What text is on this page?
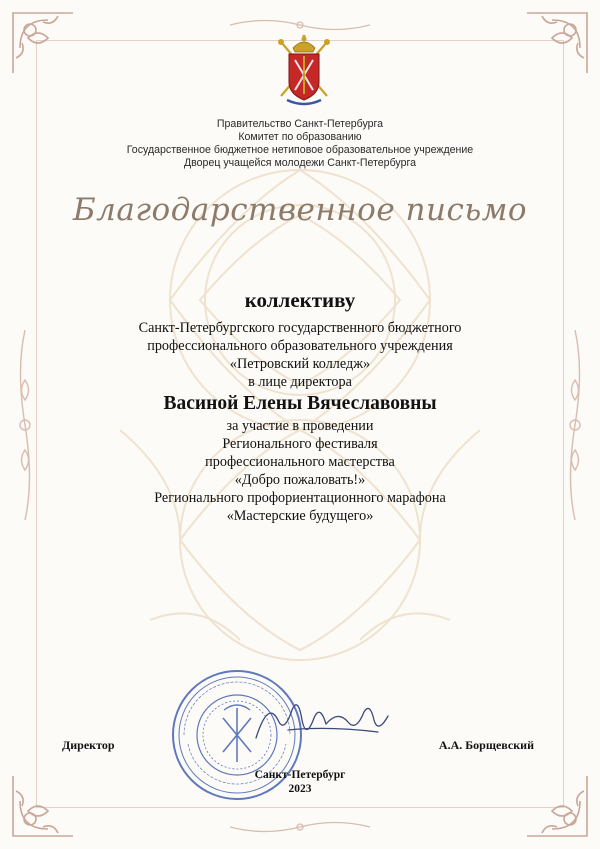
Правительство Санкт-Петербурга
Комитет по образованию
Государственное бюджетное нетиповое образовательное учреждение
Дворец учащейся молодежи Санкт-Петербурга
Благодарственное письмо
коллективу
Санкт-Петербургского государственного бюджетного
профессионального образовательного учреждения
«Петровский колледж»
в лице директора
Васиной Елены Вячеславовны
за участие в проведении
Регионального фестиваля
профессионального мастерства
«Добро пожаловать!»
Регионального профориентационного марафона
«Мастерские будущего»
Директор	А.А. Борщевский
Санкт-Петербург
2023
